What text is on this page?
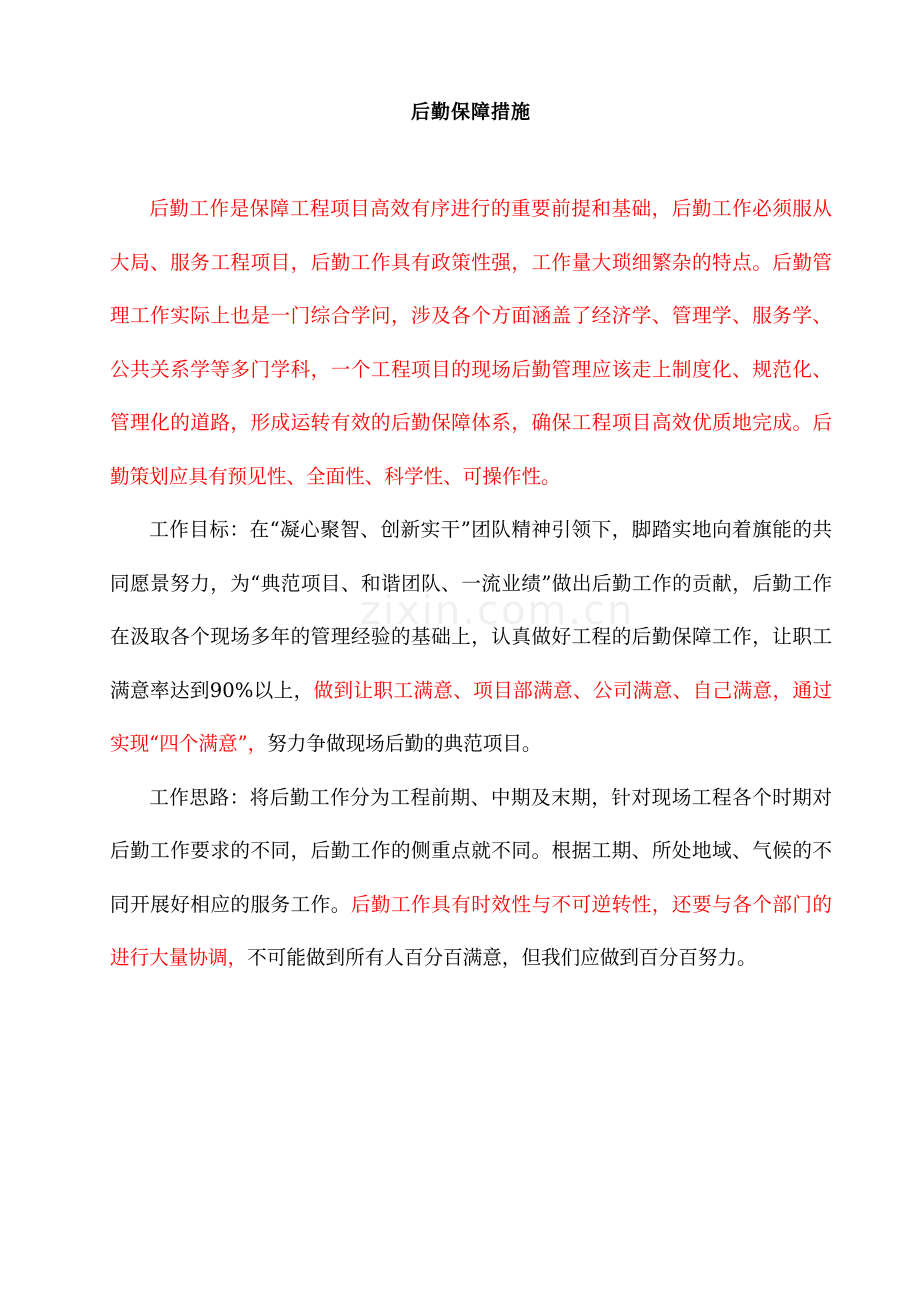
zixin.com.cn
后勤保障措施

后勤工作是保障工程项目高效有序进行的重要前提和基础，后勤工作必须服从大局、服务工程项目，后勤工作具有政策性强，工作量大琐细繁杂的特点。后勤管理工作实际上也是一门综合学问，涉及各个方面涵盖了经济学、管理学、服务学、公共关系学等多门学科，一个工程项目的现场后勤管理应该走上制度化、规范化、管理化的道路，形成运转有效的后勤保障体系，确保工程项目高效优质地完成。后勤策划应具有预见性、全面性、科学性、可操作性。

工作目标：在“凝心聚智、创新实干”团队精神引领下，脚踏实地向着旗能的共同愿景努力，为“典范项目、和谐团队、一流业绩”做出后勤工作的贡献，后勤工作在汲取各个现场多年的管理经验的基础上，认真做好工程的后勤保障工作，让职工满意率达到90%以上，做到让职工满意、项目部满意、公司满意、自己满意，通过实现“四个满意”，努力争做现场后勤的典范项目。

工作思路：将后勤工作分为工程前期、中期及末期，针对现场工程各个时期对后勤工作要求的不同，后勤工作的侧重点就不同。根据工期、所处地域、气候的不同开展好相应的服务工作。后勤工作具有时效性与不可逆转性，还要与各个部门的进行大量协调，不可能做到所有人百分百满意，但我们应做到百分百努力。
